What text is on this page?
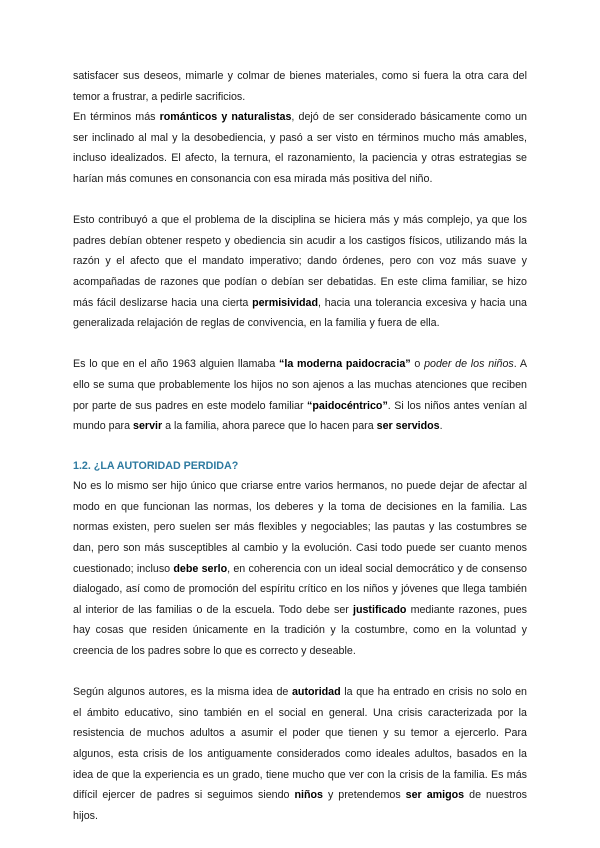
satisfacer sus deseos, mimarle y colmar de bienes materiales, como si fuera la otra cara del temor a frustrar, a pedirle sacrificios.

En términos más románticos y naturalistas, dejó de ser considerado básicamente como un ser inclinado al mal y la desobediencia, y pasó a ser visto en términos mucho más amables, incluso idealizados. El afecto, la ternura, el razonamiento, la paciencia y otras estrategias se harían más comunes en consonancia con esa mirada más positiva del niño.

Esto contribuyó a que el problema de la disciplina se hiciera más y más complejo, ya que los padres debían obtener respeto y obediencia sin acudir a los castigos físicos, utilizando más la razón y el afecto que el mandato imperativo; dando órdenes, pero con voz más suave y acompañadas de razones que podían o debían ser debatidas. En este clima familiar, se hizo más fácil deslizarse hacia una cierta permisividad, hacia una tolerancia excesiva y hacia una generalizada relajación de reglas de convivencia, en la familia y fuera de ella.

Es lo que en el año 1963 alguien llamaba “la moderna paidocracia” o poder de los niños. A ello se suma que probablemente los hijos no son ajenos a las muchas atenciones que reciben por parte de sus padres en este modelo familiar “paidocéntrico”. Si los niños antes venían al mundo para servir a la familia, ahora parece que lo hacen para ser servidos.

1.2. ¿LA AUTORIDAD PERDIDA?

No es lo mismo ser hijo único que criarse entre varios hermanos, no puede dejar de afectar al modo en que funcionan las normas, los deberes y la toma de decisiones en la familia. Las normas existen, pero suelen ser más flexibles y negociables; las pautas y las costumbres se dan, pero son más susceptibles al cambio y la evolución. Casi todo puede ser cuanto menos cuestionado; incluso debe serlo, en coherencia con un ideal social democrático y de consenso dialogado, así como de promoción del espíritu crítico en los niños y jóvenes que llega también al interior de las familias o de la escuela. Todo debe ser justificado mediante razones, pues hay cosas que residen únicamente en la tradición y la costumbre, como en la voluntad y creencia de los padres sobre lo que es correcto y deseable.

Según algunos autores, es la misma idea de autoridad la que ha entrado en crisis no solo en el ámbito educativo, sino también en el social en general. Una crisis caracterizada por la resistencia de muchos adultos a asumir el poder que tienen y su temor a ejercerlo. Para algunos, esta crisis de los antiguamente considerados como ideales adultos, basados en la idea de que la experiencia es un grado, tiene mucho que ver con la crisis de la familia. Es más difícil ejercer de padres si seguimos siendo niños y pretendemos ser amigos de nuestros hijos.
